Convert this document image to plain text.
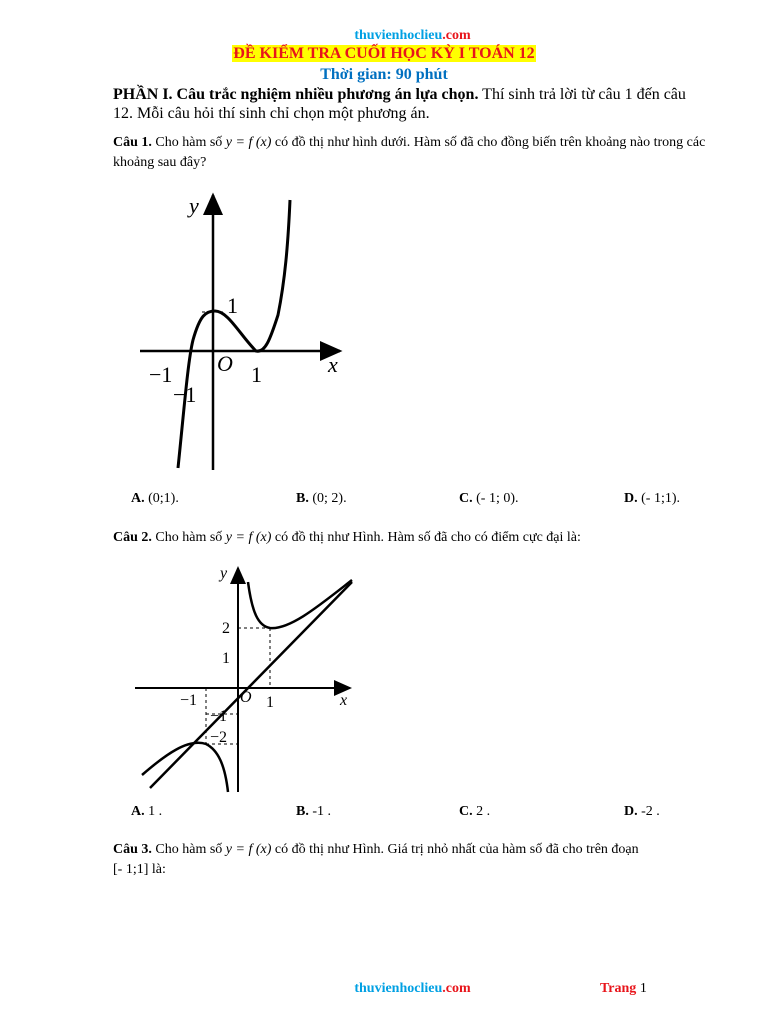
thuvienhoclieu.com
ĐỀ KIỂM TRA CUỐI HỌC KỲ I TOÁN 12
Thời gian: 90 phút
PHẦN I. Câu trắc nghiệm nhiều phương án lựa chọn. Thí sinh trả lời từ câu 1 đến câu 12. Mỗi câu hỏi thí sinh chỉ chọn một phương án.
Câu 1. Cho hàm số y = f (x) có đồ thị như hình dưới. Hàm số đã cho đồng biến trên khoảng nào trong các khoảng sau đây?
y
x
O
1
−1	1
−1
A. (0;1).	B. (0; 2).	C. (- 1; 0).	D. (- 1;1).
Câu 2. Cho hàm số y = f (x) có đồ thị như Hình. Hàm số đã cho có điểm cực đại là:
y
x
O
2
1
−1	1
−1
−2
A. 1 .	B. -1 .	C. 2 .	D. -2 .
Câu 3. Cho hàm số y = f (x) có đồ thị như Hình. Giá trị nhỏ nhất của hàm số đã cho trên đoạn
[- 1;1] là:
thuvienhoclieu.com	Trang 1
